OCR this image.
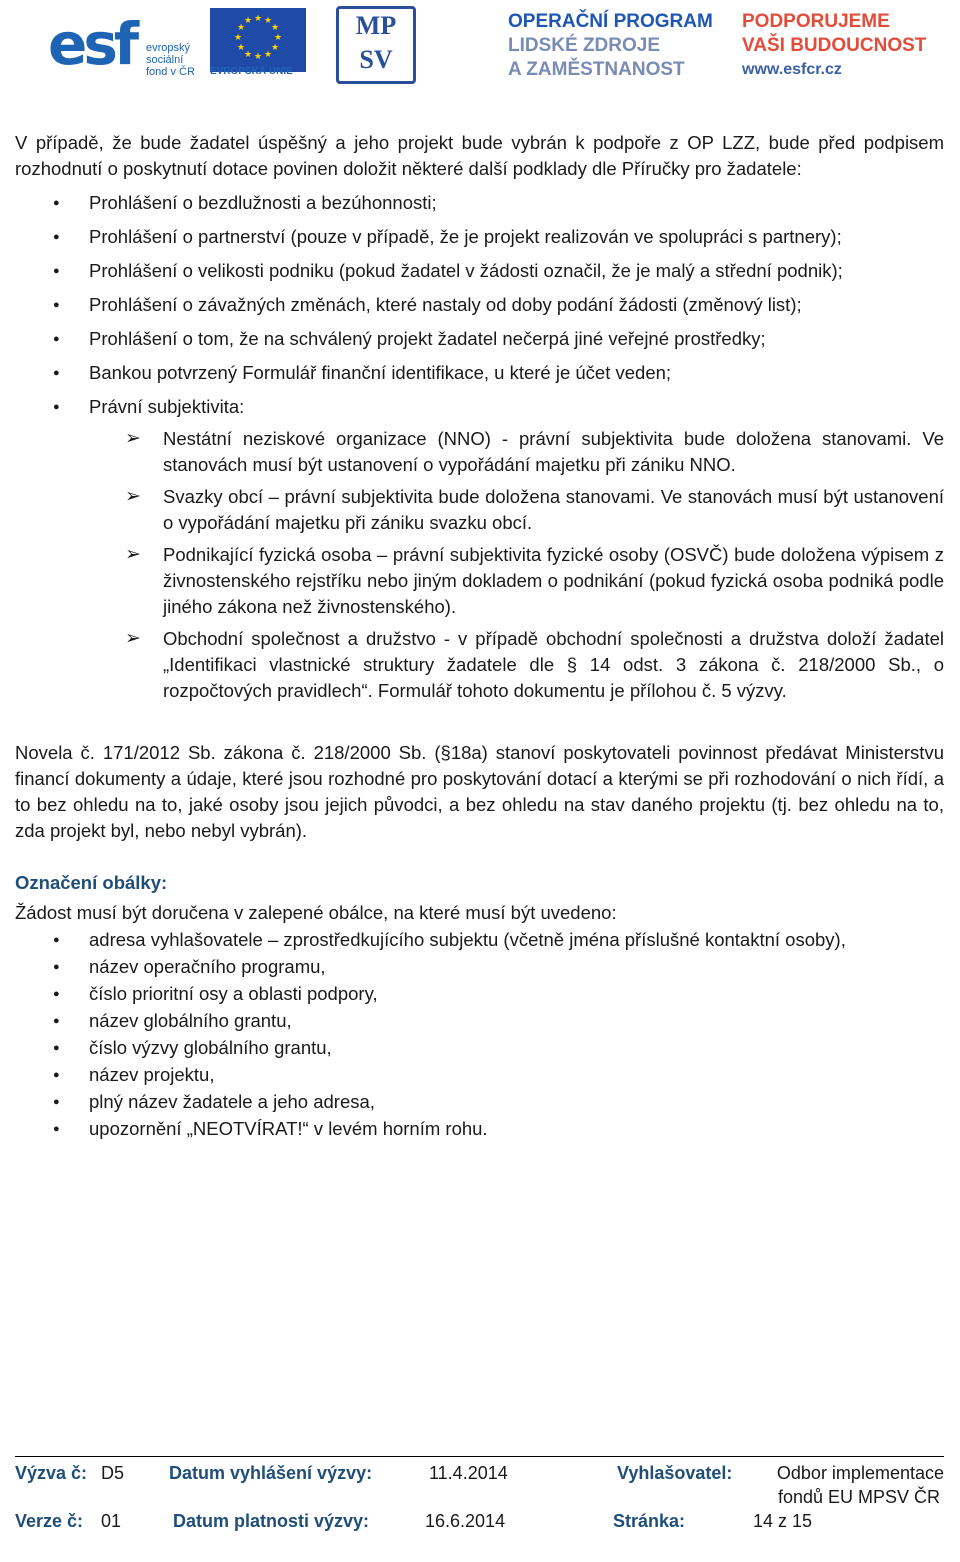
esf evropský
sociální
fond v ČR
★ ★
★
★
★
★
★
★
★
★
★
★
EVROPSKÁ UNIE
MP
SV
OPERAČNÍ PROGRAM
LIDSKÉ ZDROJE
A ZAMĚSTNANOST
PODPORUJEME
VAŠI BUDOUCNOST
www.esfcr.cz

V případě, že bude žadatel úspěšný a jeho projekt bude vybrán k podpoře z OP LZZ, bude před podpisem rozhodnutí o poskytnutí dotace povinen doložit některé další podklady dle Příručky pro žadatele:

● Prohlášení o bezdlužnosti a bezúhonnosti;
● Prohlášení o partnerství (pouze v případě, že je projekt realizován ve spolupráci s partnery);
● Prohlášení o velikosti podniku (pokud žadatel v žádosti označil, že je malý a střední podnik);
● Prohlášení o závažných změnách, které nastaly od doby podání žádosti (změnový list);
● Prohlášení o tom, že na schválený projekt žadatel nečerpá jiné veřejné prostředky;
● Bankou potvrzený Formulář finanční identifikace, u které je účet veden;
● Právní subjektivita:
➢ Nestátní neziskové organizace (NNO) - právní subjektivita bude doložena stanovami. Ve stanovách musí být ustanovení o vypořádání majetku při zániku NNO.
➢ Svazky obcí – právní subjektivita bude doložena stanovami. Ve stanovách musí být ustanovení o vypořádání majetku při zániku svazku obcí.
➢ Podnikající fyzická osoba – právní subjektivita fyzické osoby (OSVČ) bude doložena výpisem z živnostenského rejstříku nebo jiným dokladem o podnikání (pokud fyzická osoba podniká podle jiného zákona než živnostenského).
➢ Obchodní společnost a družstvo - v případě obchodní společnosti a družstva doloží žadatel „Identifikaci vlastnické struktury žadatele dle § 14 odst. 3 zákona č. 218/2000 Sb., o rozpočtových pravidlech“. Formulář tohoto dokumentu je přílohou č. 5 výzvy.

Novela č. 171/2012 Sb. zákona č. 218/2000 Sb. (§18a) stanoví poskytovateli povinnost předávat Ministerstvu financí dokumenty a údaje, které jsou rozhodné pro poskytování dotací a kterými se při rozhodování o nich řídí, a to bez ohledu na to, jaké osoby jsou jejich původci, a bez ohledu na stav daného projektu (tj. bez ohledu na to, zda projekt byl, nebo nebyl vybrán).

Označení obálky:

Žádost musí být doručena v zalepené obálce, na které musí být uvedeno:

● adresa vyhlašovatele – zprostředkujícího subjektu (včetně jména příslušné kontaktní osoby),
● název operačního programu,
● číslo prioritní osy a oblasti podpory,
● název globálního grantu,
● číslo výzvy globálního grantu,
● název projektu,
● plný název žadatele a jeho adresa,
● upozornění „NEOTVÍRAT!“ v levém horním rohu.
Výzva č: D5 Datum vyhlášení výzvy:	11.4.2014	Vyhlašovatel: Odbor implementace
fondů EU MPSV ČR
Verze č: 01	Datum platnosti výzvy:	16.6.2014	Stránka:	14 z 15
